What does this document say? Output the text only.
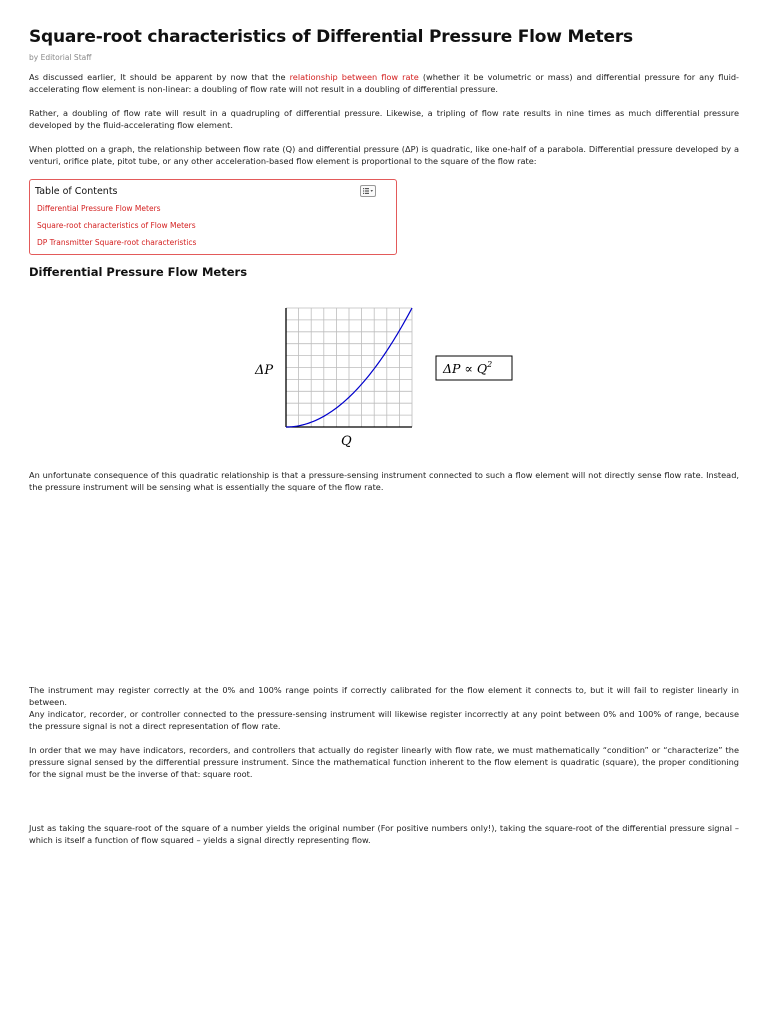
Square-root characteristics of Differential Pressure Flow Meters
by Editorial Staff

As discussed earlier, It should be apparent by now that the relationship between flow rate (whether it be volumetric or mass) and differential pressure for any fluid-accelerating flow element is non-linear: a doubling of flow rate will not result in a doubling of differential pressure.

Rather, a doubling of flow rate will result in a quadrupling of differential pressure. Likewise, a tripling of flow rate results in nine times as much differential pressure developed by the fluid-accelerating flow element.

When plotted on a graph, the relationship between flow rate (Q) and differential pressure (ΔP) is quadratic, like one-half of a parabola. Differential pressure developed by a venturi, orifice plate, pitot tube, or any other acceleration-based flow element is proportional to the square of the flow rate:

Table of Contents
Differential Pressure Flow Meters
Square-root characteristics of Flow Meters
DP Transmitter Square-root characteristics
Differential Pressure Flow Meters
ΔP
Q
$\Delta P \propto Q^2$

An unfortunate consequence of this quadratic relationship is that a pressure-sensing instrument connected to such a flow element will not directly sense flow rate. Instead, the pressure instrument will be sensing what is essentially the square of the flow rate.

The instrument may register correctly at the 0% and 100% range points if correctly calibrated for the flow element it connects to, but it will fail to register linearly in between.

Any indicator, recorder, or controller connected to the pressure-sensing instrument will likewise register incorrectly at any point between 0% and 100% of range, because the pressure signal is not a direct representation of flow rate.

In order that we may have indicators, recorders, and controllers that actually do register linearly with flow rate, we must mathematically “condition” or “characterize” the pressure signal sensed by the differential pressure instrument. Since the mathematical function inherent to the flow element is quadratic (square), the proper conditioning for the signal must be the inverse of that: square root.

Just as taking the square-root of the square of a number yields the original number (For positive numbers only!), taking the square-root of the differential pressure signal – which is itself a function of flow squared – yields a signal directly representing flow.
